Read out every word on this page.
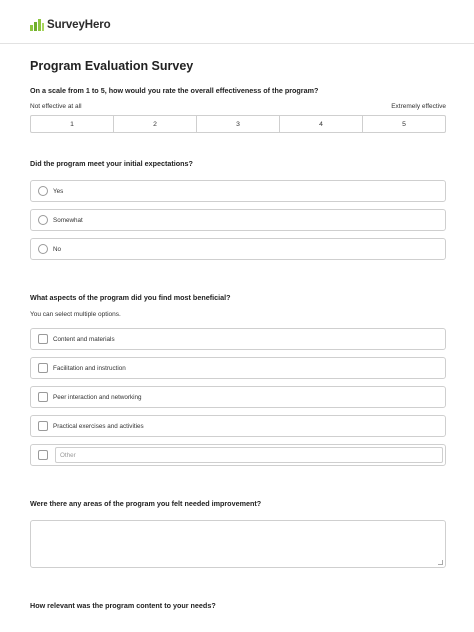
SurveyHero
Program Evaluation Survey
On a scale from 1 to 5, how would you rate the overall effectiveness of the program?
Not effective at all	Extremely effective
1	2	3	4	5
Did the program meet your initial expectations?
Yes
Somewhat
No
What aspects of the program did you find most beneficial?
You can select multiple options.
Content and materials
Facilitation and instruction
Peer interaction and networking
Practical exercises and activities
Other
Were there any areas of the program you felt needed improvement?
How relevant was the program content to your needs?
